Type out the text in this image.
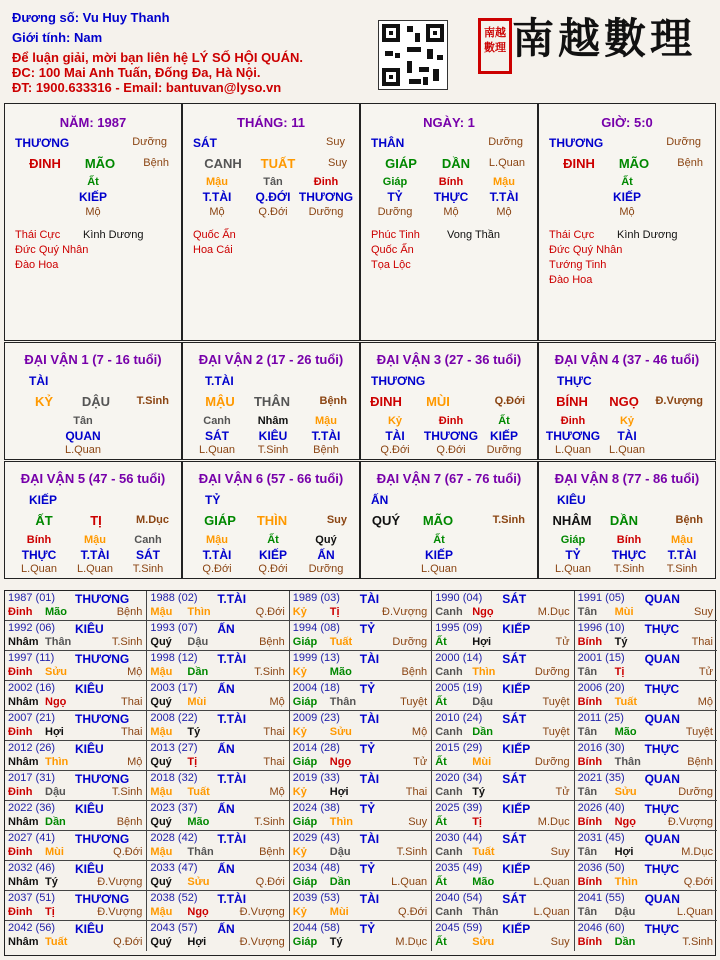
Đương số: Vu Huy Thanh
Giới tính: Nam
Để luận giải, mời bạn liên hệ LÝ SỐ HỘI QUÁN.
ĐC: 100 Mai Anh Tuấn, Đống Đa, Hà Nội.
ĐT: 1900.633316 - Email: bantuvan@lyso.vn
南越數理 南越數理
NĂM: 1987
THƯƠNG	Dưỡng
ĐINH	MÃO	Bệnh
Ất
KIẾP
Mộ
Thái Cực Kình Dương
Đức Quý Nhân
Đào Hoa
THÁNG: 11
SÁT	Suy
CANH	TUẤT	Suy
Mậu
T.TÀI
Mộ
Tân
Q.ĐỚI
Q.Đới
Đinh
THƯƠNG
Dưỡng
Quốc Ấn
Hoa Cái
NGÀY: 1
THÂN	Dưỡng
GIÁP	DẦN	L.Quan
Giáp
TỶ
Dưỡng
Bính
THỰC
Mộ
Mậu
T.TÀI
Mộ
Phúc Tinh Vong Thần
Quốc Ấn
Tọa Lộc
GIỜ: 5:0
THƯƠNG	Dưỡng
ĐINH	MÃO	Bệnh
Ất
KIẾP
Mộ
Thái Cực Kình Dương
Đức Quý Nhân
Tướng Tinh
Đào Hoa
ĐẠI VẬN 1 (7 - 16 tuổi)
TÀI
KỶ	DẬU	T.Sinh
Tân
QUAN
L.Quan
ĐẠI VẬN 2 (17 - 26 tuổi)
T.TÀI
MẬU	THÂN	Bệnh
Canh
SÁT
L.Quan
Nhâm
KIÊU
T.Sinh
Mậu
T.TÀI
Bệnh
ĐẠI VẬN 3 (27 - 36 tuổi)
THƯƠNG
ĐINH	MÙI	Q.Đới
Kỷ
TÀI
Q.Đới
Đinh
THƯƠNG
Q.Đới
Ất
KIẾP
Dưỡng
ĐẠI VẬN 4 (37 - 46 tuổi)
THỰC
BÍNH	NGỌ	Đ.Vượng
Đinh
THƯƠNG
L.Quan
Kỷ
TÀI
L.Quan
ĐẠI VẬN 5 (47 - 56 tuổi)
KIẾP
ẤT	TỊ	M.Dục
Bính
THỰC
L.Quan
Mậu
T.TÀI
L.Quan
Canh
SÁT
T.Sinh
ĐẠI VẬN 6 (57 - 66 tuổi)
TỶ
GIÁP	THÌN	Suy
Mậu
T.TÀI
Q.Đới
Ất
KIẾP
Q.Đới
Quý
ẤN
Dưỡng
ĐẠI VẬN 7 (67 - 76 tuổi)
ẤN
QUÝ	MÃO	T.Sinh
Ất
KIẾP
L.Quan
ĐẠI VẬN 8 (77 - 86 tuổi)
KIÊU
NHÂM	DẦN	Bệnh
Giáp
TỶ
L.Quan
Bính
THỰC
T.Sinh
Mậu
T.TÀI
T.Sinh
1987 (01) THƯƠNG
Đinh Mão	Bệnh
1988 (02) T.TÀI
Mậu Thìn	Q.Đới
1989 (03) TÀI
Kỷ Tị	Đ.Vượng
1990 (04) SÁT
Canh Ngọ	M.Dục
1991 (05) QUAN
Tân Mùi	Suy
1992 (06) KIÊU
Nhâm Thân	T.Sinh
1993 (07) ẤN
Quý Dậu	Bệnh
1994 (08) TỶ
Giáp Tuất	Dưỡng
1995 (09) KIẾP
Ất Hợi	Tử
1996 (10) THỰC
Bính Tý	Thai
1997 (11) THƯƠNG
Đinh Sửu	Mộ
1998 (12) T.TÀI
Mậu Dần	T.Sinh
1999 (13) TÀI
Kỷ Mão	Bệnh
2000 (14) SÁT
Canh Thìn	Dưỡng
2001 (15) QUAN
Tân Tị	Tử
2002 (16) KIÊU
Nhâm Ngọ	Thai
2003 (17) ẤN
Quý Mùi	Mộ
2004 (18) TỶ
Giáp Thân	Tuyệt
2005 (19) KIẾP
Ất Dậu	Tuyệt
2006 (20) THỰC
Bính Tuất	Mộ
2007 (21) THƯƠNG
Đinh Hợi	Thai
2008 (22) T.TÀI
Mậu Tý	Thai
2009 (23) TÀI
Kỷ Sửu	Mộ
2010 (24) SÁT
Canh Dần	Tuyệt
2011 (25) QUAN
Tân Mão	Tuyệt
2012 (26) KIÊU
Nhâm Thìn	Mộ
2013 (27) ẤN
Quý Tị	Thai
2014 (28) TỶ
Giáp Ngọ	Tử
2015 (29) KIẾP
Ất Mùi	Dưỡng
2016 (30) THỰC
Bính Thân	Bệnh
2017 (31) THƯƠNG
Đinh Dậu	T.Sinh
2018 (32) T.TÀI
Mậu Tuất	Mộ
2019 (33) TÀI
Kỷ Hợi	Thai
2020 (34) SÁT
Canh Tý	Tử
2021 (35) QUAN
Tân Sửu	Dưỡng
2022 (36) KIÊU
Nhâm Dần	Bệnh
2023 (37) ẤN
Quý Mão	T.Sinh
2024 (38) TỶ
Giáp Thìn	Suy
2025 (39) KIẾP
Ất Tị	M.Dục
2026 (40) THỰC
Bính Ngọ	Đ.Vượng
2027 (41) THƯƠNG
Đinh Mùi	Q.Đới
2028 (42) T.TÀI
Mậu Thân	Bệnh
2029 (43) TÀI
Kỷ Dậu	T.Sinh
2030 (44) SÁT
Canh Tuất	Suy
2031 (45) QUAN
Tân Hợi	M.Dục
2032 (46) KIÊU
Nhâm Tý	Đ.Vượng
2033 (47) ẤN
Quý Sửu	Q.Đới
2034 (48) TỶ
Giáp Dần	L.Quan
2035 (49) KIẾP
Ất Mão	L.Quan
2036 (50) THỰC
Bính Thìn	Q.Đới
2037 (51) THƯƠNG
Đinh Tị	Đ.Vượng
2038 (52) T.TÀI
Mậu Ngọ	Đ.Vượng
2039 (53) TÀI
Kỷ Mùi	Q.Đới
2040 (54) SÁT
Canh Thân	L.Quan
2041 (55) QUAN
Tân Dậu	L.Quan
2042 (56) KIÊU
Nhâm Tuất	Q.Đới
2043 (57) ẤN
Quý Hợi	Đ.Vượng
2044 (58) TỶ
Giáp Tý	M.Dục
2045 (59) KIẾP
Ất Sửu	Suy
2046 (60) THỰC
Bính Dần	T.Sinh
